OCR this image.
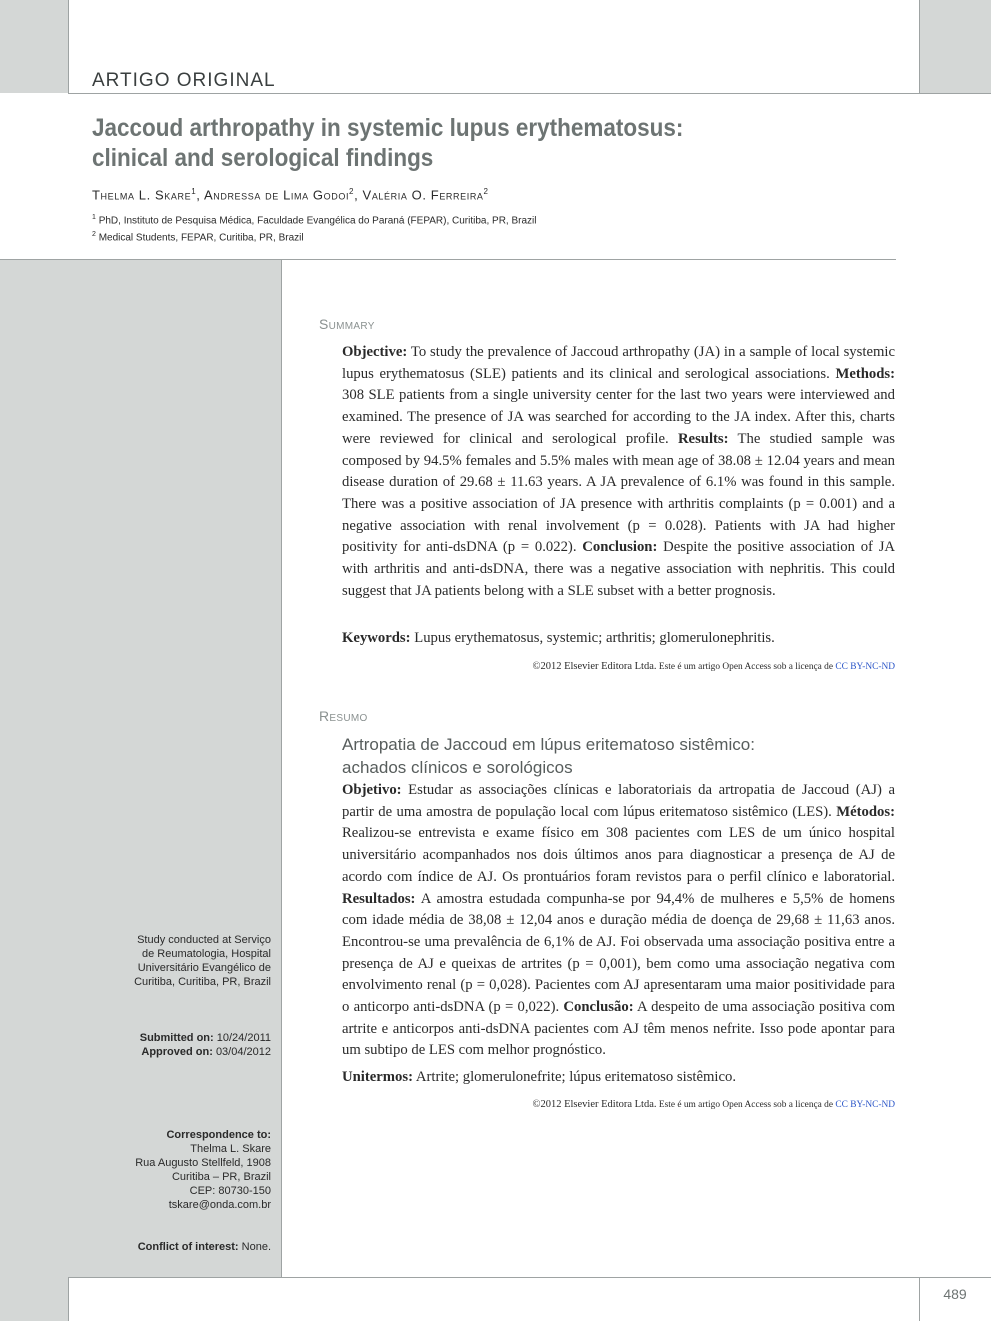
ARTIGO ORIGINAL
Jaccoud arthropathy in systemic lupus erythematosus:
clinical and serological findings
Thelma L. Skare$^1$, Andressa de Lima Godoi$^2$, Valéria O. Ferreira$^2$
$^1$ PhD, Instituto de Pesquisa Médica, Faculdade Evangélica do Paraná (FEPAR), Curitiba, PR, Brazil
$^2$ Medical Students, FEPAR, Curitiba, PR, Brazil
Summary
Objective: To study the prevalence of Jaccoud arthropathy (JA) in a sample of local systemic lupus erythematosus (SLE) patients and its clinical and serological associations. Methods: 308 SLE patients from a single university center for the last two years were interviewed and examined. The presence of JA was searched for according to the JA index. After this, charts were reviewed for clinical and serological profile. Results: The studied sample was composed by 94.5% females and 5.5% males with mean age of 38.08 ± 12.04 years and mean disease duration of 29.68 ± 11.63 years. A JA prevalence of 6.1% was found in this sample. There was a positive association of JA presence with arthritis complaints (p = 0.001) and a negative association with renal involvement (p = 0.028). Patients with JA had higher positivity for anti-dsDNA (p = 0.022). Conclusion: Despite the positive association of JA with arthritis and anti-dsDNA, there was a negative association with nephritis. This could suggest that JA patients belong with a SLE subset with a better prognosis.
Keywords: Lupus erythematosus, systemic; arthritis; glomerulonephritis.
©2012 Elsevier Editora Ltda. Este é um artigo Open Access sob a licença de CC BY-NC-ND
Resumo
Artropatia de Jaccoud em lúpus eritematoso sistêmico:
achados clínicos e sorológicos
Objetivo: Estudar as associações clínicas e laboratoriais da artropatia de Jaccoud (AJ) a partir de uma amostra de população local com lúpus eritematoso sistêmico (LES). Métodos: Realizou-se entrevista e exame físico em 308 pacientes com LES de um único hospital universitário acompanhados nos dois últimos anos para diagnosticar a presença de AJ de acordo com índice de AJ. Os prontuários foram revistos para o perfil clínico e laboratorial. Resultados: A amostra estudada compunha-se por 94,4% de mulheres e 5,5% de homens com idade média de 38,08 ± 12,04 anos e duração média de doença de 29,68 ± 11,63 anos. Encontrou-se uma prevalência de 6,1% de AJ. Foi observada uma associação positiva entre a presença de AJ e queixas de artrites (p = 0,001), bem como uma associação negativa com envolvimento renal (p = 0,028). Pacientes com AJ apresentaram uma maior positividade para o anticorpo anti-dsDNA (p = 0,022). Conclusão: A despeito de uma associação positiva com artrite e anticorpos anti-dsDNA pacientes com AJ têm menos nefrite. Isso pode apontar para um subtipo de LES com melhor prognóstico.
Unitermos: Artrite; glomerulonefrite; lúpus eritematoso sistêmico.
©2012 Elsevier Editora Ltda. Este é um artigo Open Access sob a licença de CC BY-NC-ND
Study conducted at Serviço
de Reumatologia, Hospital
Universitário Evangélico de
Curitiba, Curitiba, PR, Brazil
Submitted on: 10/24/2011
Approved on: 03/04/2012
Correspondence to:
Thelma L. Skare
Rua Augusto Stellfeld, 1908
Curitiba – PR, Brazil
CEP: 80730-150
tskare@onda.com.br
Conflict of interest: None.
489
